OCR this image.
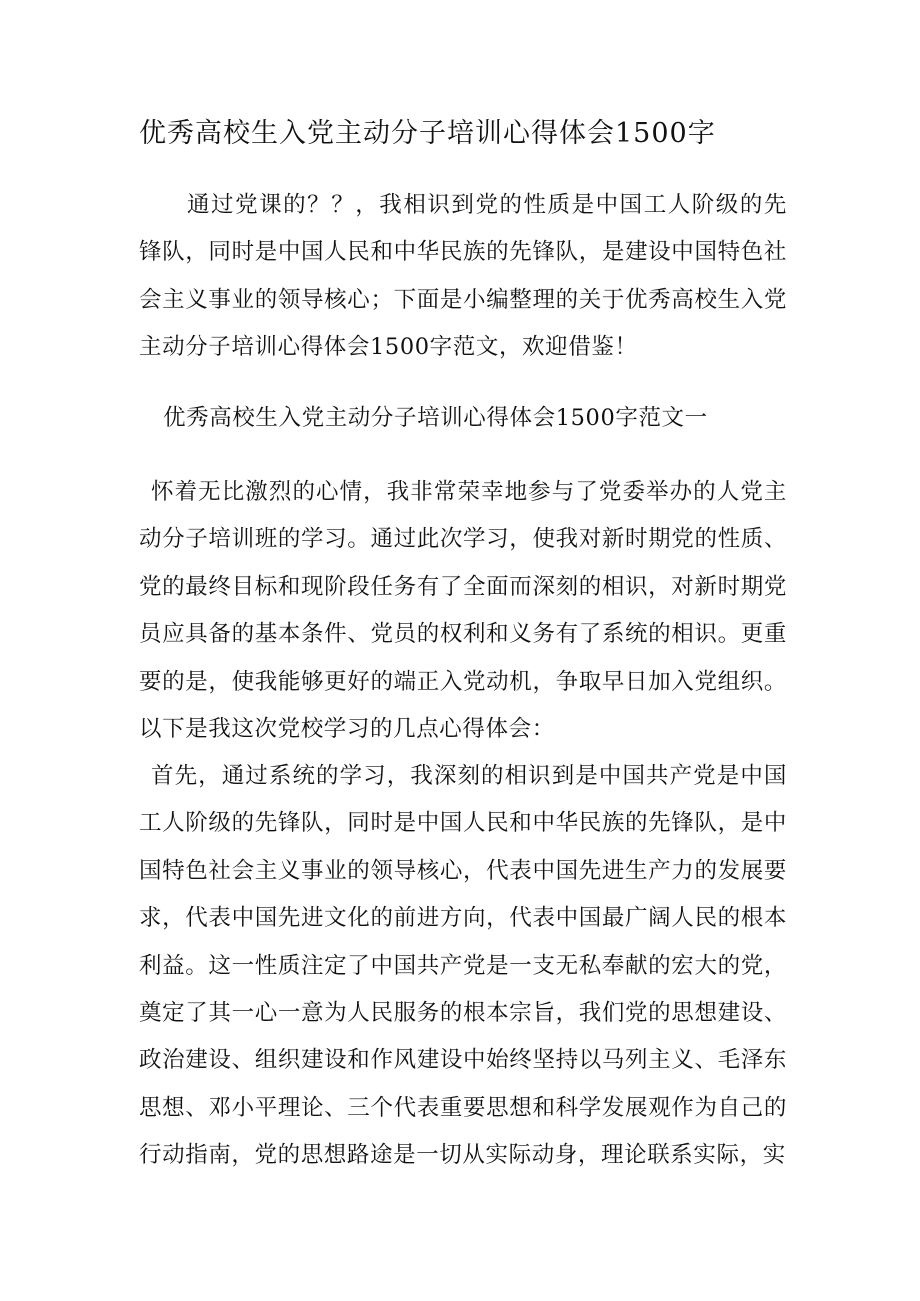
优秀高校生入党主动分子培训心得体会1500字

通过党课的？？，我相识到党的性质是中国工人阶级的先锋队，同时是中国人民和中华民族的先锋队，是建设中国特色社会主义事业的领导核心；下面是小编整理的关于优秀高校生入党主动分子培训心得体会1500字范文，欢迎借鉴！

优秀高校生入党主动分子培训心得体会1500字范文一

怀着无比激烈的心情，我非常荣幸地参与了党委举办的人党主动分子培训班的学习。通过此次学习，使我对新时期党的性质、党的最终目标和现阶段任务有了全面而深刻的相识，对新时期党员应具备的基本条件、党员的权利和义务有了系统的相识。更重要的是，使我能够更好的端正入党动机，争取早日加入党组织。以下是我这次党校学习的几点心得体会：

首先，通过系统的学习，我深刻的相识到是中国共产党是中国工人阶级的先锋队，同时是中国人民和中华民族的先锋队，是中国特色社会主义事业的领导核心，代表中国先进生产力的发展要求，代表中国先进文化的前进方向，代表中国最广阔人民的根本利益。这一性质注定了中国共产党是一支无私奉献的宏大的党，奠定了其一心一意为人民服务的根本宗旨，我们党的思想建设、政治建设、组织建设和作风建设中始终坚持以马列主义、毛泽东思想、邓小平理论、三个代表重要思想和科学发展观作为自己的行动指南，党的思想路途是一切从实际动身，理论联系实际，实
